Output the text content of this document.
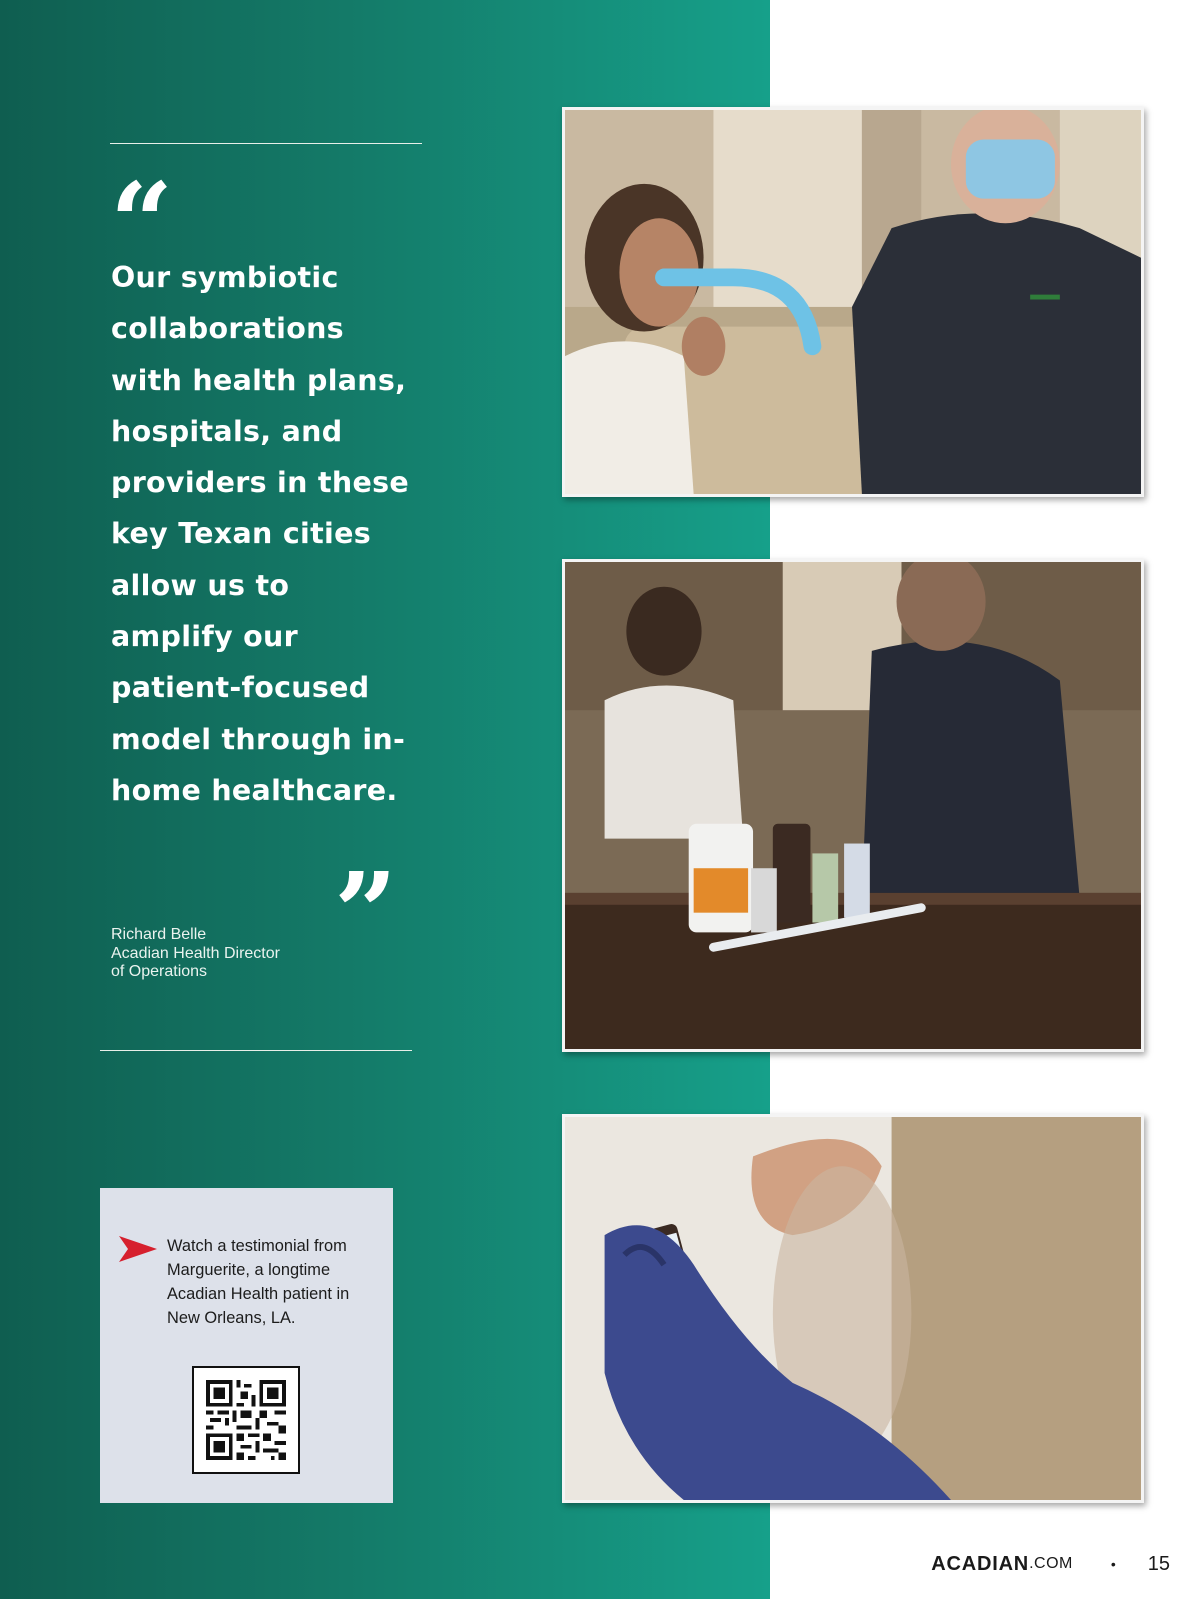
“
Our symbiotic collaborations with health plans, hospitals, and providers in these key Texan cities allow us to amplify our patient-focused model through in-home healthcare.
”
Richard Belle
Acadian Health Director
of Operations
Watch a testimonial from Marguerite, a longtime Acadian Health patient in New Orleans, LA.
ACADIAN .COM	• 15
